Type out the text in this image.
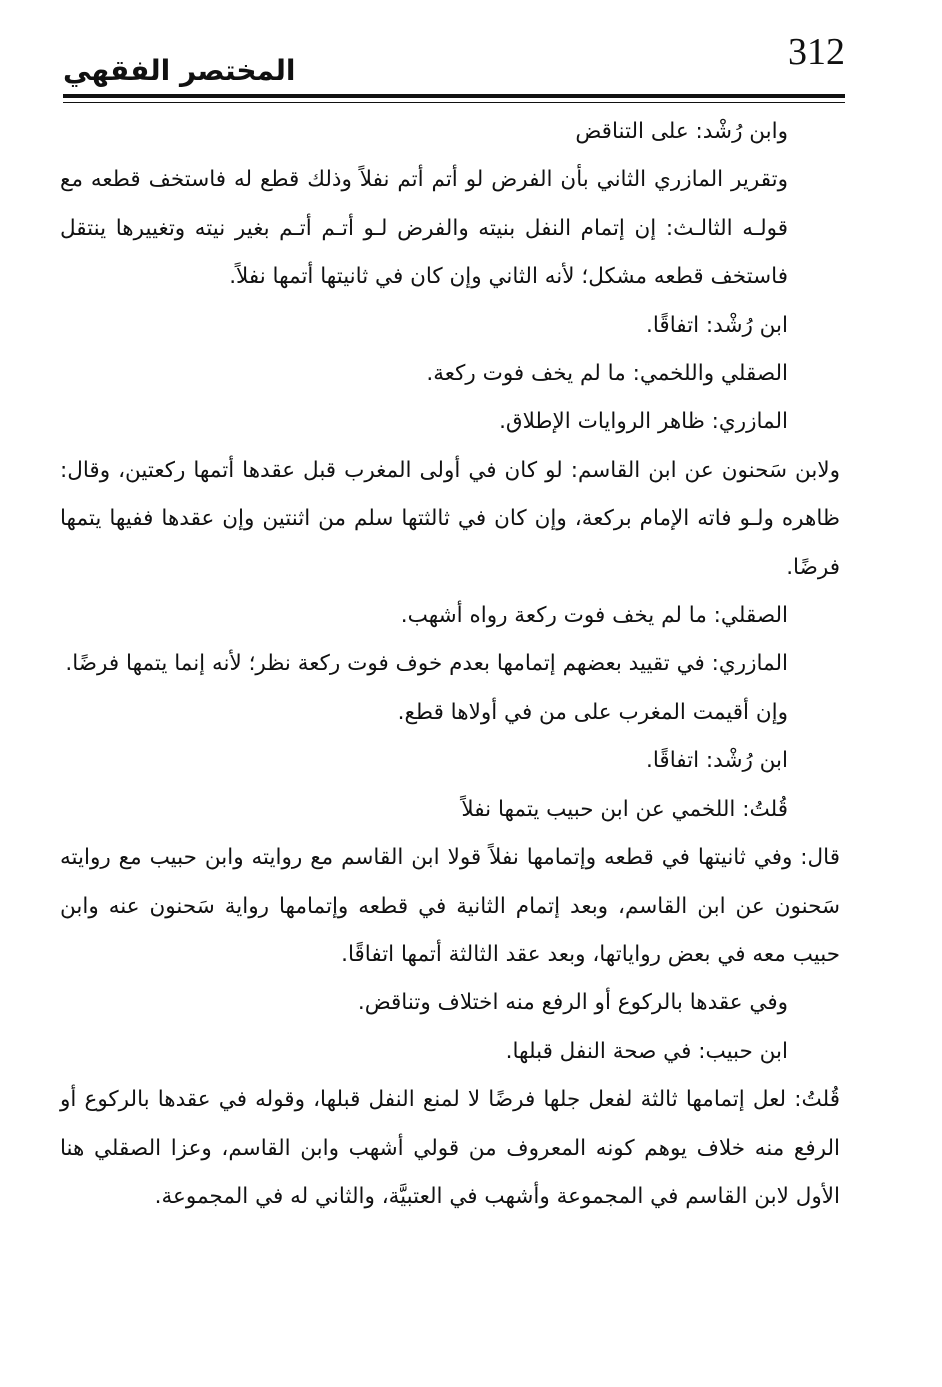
312
المختصر الفقهي

وابن رُشْد: على التناقض

وتقرير المازري الثاني بأن الفرض لو أتم أتم نفلاً وذلك قطع له فاستخف قطعه مع قولـه الثالـث: إن إتمام النفل بنيته والفرض لـو أتـم أتـم بغير نيته وتغييرها ينتقل فاستخف قطعه مشكل؛ لأنه الثاني وإن كان في ثانيتها أتمها نفلاً.

ابن رُشْد: اتفاقًا.

الصقلي واللخمي: ما لم يخف فوت ركعة.

المازري: ظاهر الروايات الإطلاق.

ولابن سَحنون عن ابن القاسم: لو كان في أولى المغرب قبل عقدها أتمها ركعتين، وقال: ظاهره ولـو فاته الإمام بركعة، وإن كان في ثالثتها سلم من اثنتين وإن عقدها ففيها يتمها فرضًا.

الصقلي: ما لم يخف فوت ركعة رواه أشهب.

المازري: في تقييد بعضهم إتمامها بعدم خوف فوت ركعة نظر؛ لأنه إنما يتمها فرضًا.

وإن أقيمت المغرب على من في أولاها قطع.

ابن رُشْد: اتفاقًا.

قُلتُ: اللخمي عن ابن حبيب يتمها نفلاً

قال: وفي ثانيتها في قطعه وإتمامها نفلاً قولا ابن القاسم مع روايته وابن حبيب مع روايته سَحنون عن ابن القاسم، وبعد إتمام الثانية في قطعه وإتمامها رواية سَحنون عنه وابن حبيب معه في بعض رواياتها، وبعد عقد الثالثة أتمها اتفاقًا.

وفي عقدها بالركوع أو الرفع منه اختلاف وتناقض.

ابن حبيب: في صحة النفل قبلها.

قُلتُ: لعل إتمامها ثالثة لفعل جلها فرضًا لا لمنع النفل قبلها، وقوله في عقدها بالركوع أو الرفع منه خلاف يوهم كونه المعروف من قولي أشهب وابن القاسم، وعزا الصقلي هنا الأول لابن القاسم في المجموعة وأشهب في العتبيَّة، والثاني له في المجموعة.
